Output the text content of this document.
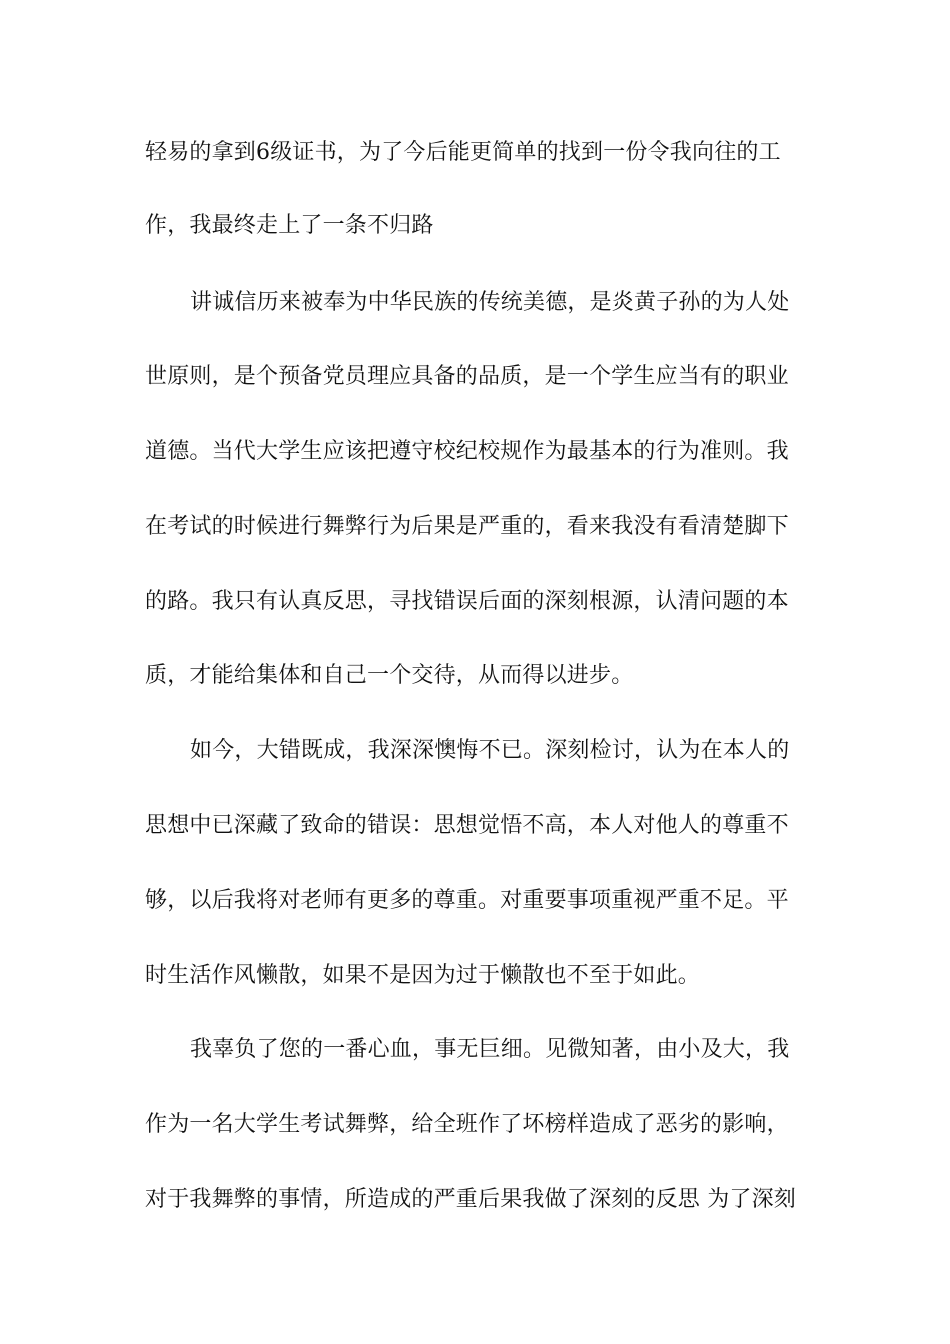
轻易的拿到6级证书，为了今后能更简单的找到一份令我向往的工
作，我最终走上了一条不归路
讲诚信历来被奉为中华民族的传统美德，是炎黄子孙的为人处
世原则，是个预备党员理应具备的品质，是一个学生应当有的职业
道德。当代大学生应该把遵守校纪校规作为最基本的行为准则。我
在考试的时候进行舞弊行为后果是严重的，看来我没有看清楚脚下
的路。我只有认真反思，寻找错误后面的深刻根源，认清问题的本
质，才能给集体和自己一个交待，从而得以进步。
如今，大错既成，我深深懊悔不已。深刻检讨，认为在本人的
思想中已深藏了致命的错误：思想觉悟不高，本人对他人的尊重不
够，以后我将对老师有更多的尊重。对重要事项重视严重不足。平
时生活作风懒散，如果不是因为过于懒散也不至于如此。
我辜负了您的一番心血，事无巨细。见微知著，由小及大，我
作为一名大学生考试舞弊，给全班作了坏榜样造成了恶劣的影响，
对于我舞弊的事情，所造成的严重后果我做了深刻的反思 为了深刻
